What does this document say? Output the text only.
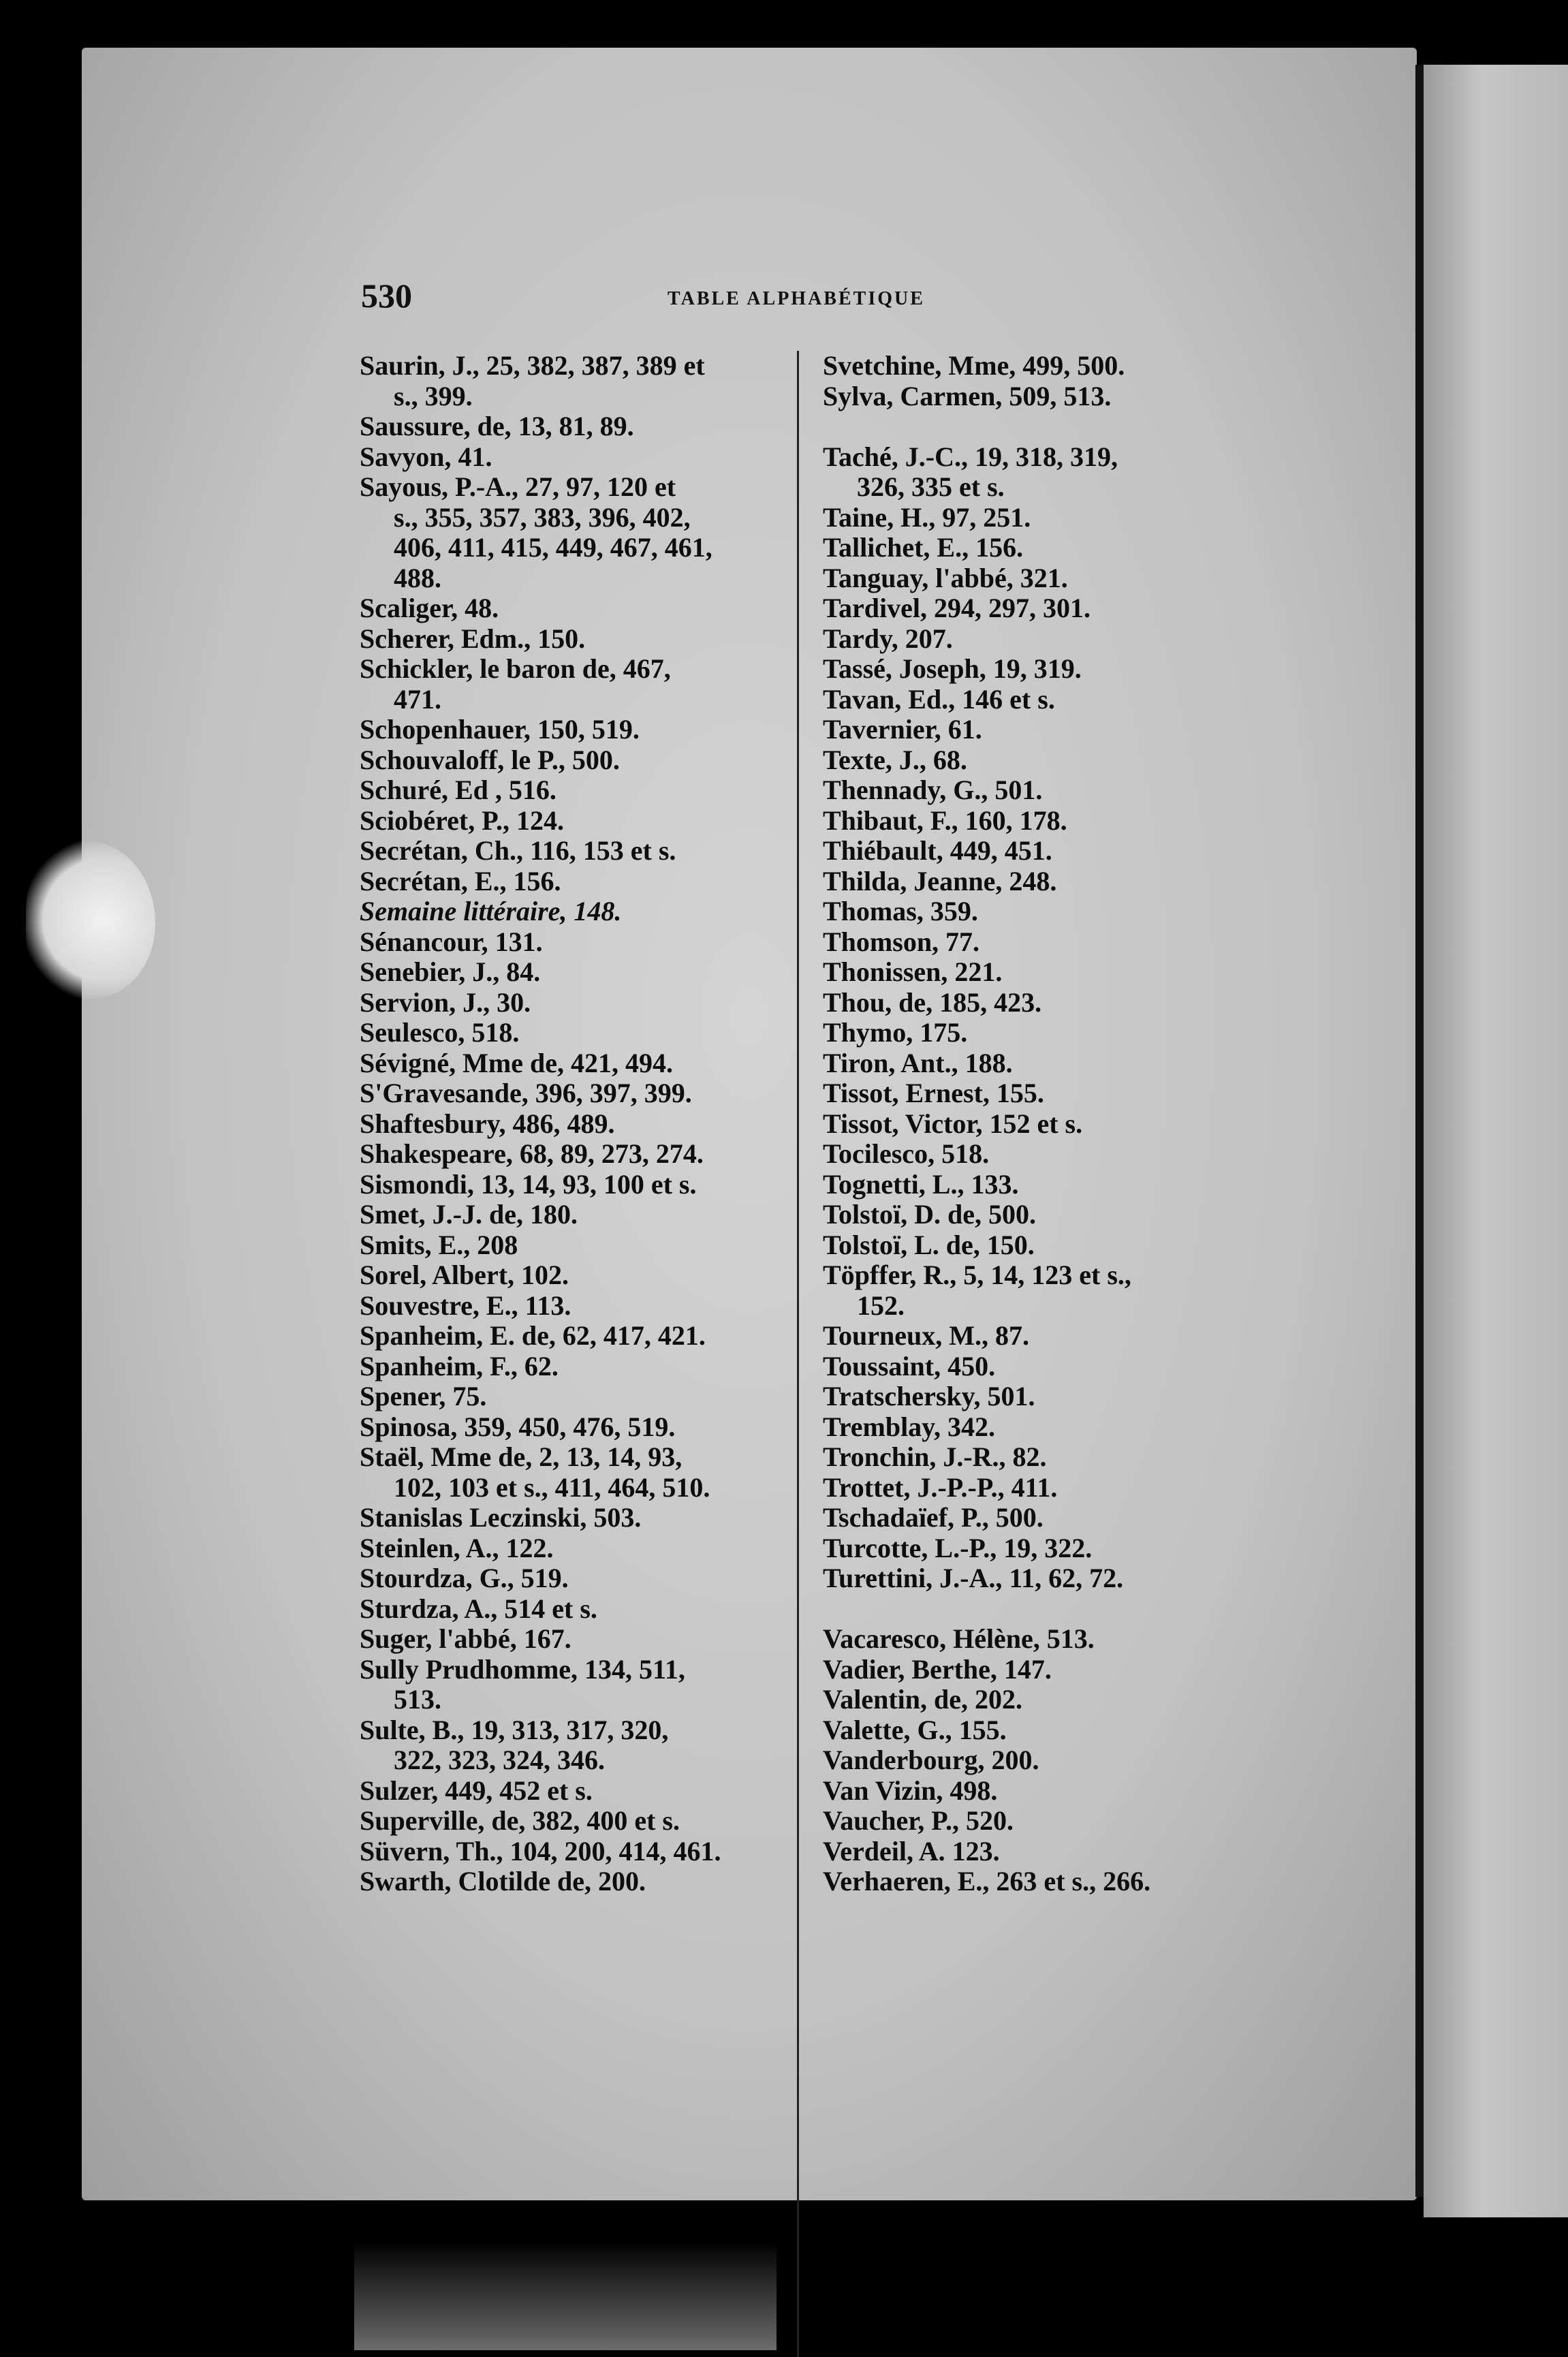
530	TABLE ALPHABÉTIQUE
Saurin, J., 25, 382, 387, 389 et
s., 399.
Saussure, de, 13, 81, 89.
Savyon, 41.
Sayous, P.-A., 27, 97, 120 et
s., 355, 357, 383, 396, 402,
406, 411, 415, 449, 467, 461,
488.
Scaliger, 48.
Scherer, Edm., 150.
Schickler, le baron de, 467,
471.
Schopenhauer, 150, 519.
Schouvaloff, le P., 500.
Schuré, Ed , 516.
Sciobéret, P., 124.
Secrétan, Ch., 116, 153 et s.
Secrétan, E., 156.
Semaine littéraire, 148.
Sénancour, 131.
Senebier, J., 84.
Servion, J., 30.
Seulesco, 518.
Sévigné, Mme de, 421, 494.
S'Gravesande, 396, 397, 399.
Shaftesbury, 486, 489.
Shakespeare, 68, 89, 273, 274.
Sismondi, 13, 14, 93, 100 et s.
Smet, J.-J. de, 180.
Smits, E., 208
Sorel, Albert, 102.
Souvestre, E., 113.
Spanheim, E. de, 62, 417, 421.
Spanheim, F., 62.
Spener, 75.
Spinosa, 359, 450, 476, 519.
Staël, Mme de, 2, 13, 14, 93,
102, 103 et s., 411, 464, 510.
Stanislas Leczinski, 503.
Steinlen, A., 122.
Stourdza, G., 519.
Sturdza, A., 514 et s.
Suger, l'abbé, 167.
Sully Prudhomme, 134, 511,
513.
Sulte, B., 19, 313, 317, 320,
322, 323, 324, 346.
Sulzer, 449, 452 et s.
Superville, de, 382, 400 et s.
Süvern, Th., 104, 200, 414, 461.
Swarth, Clotilde de, 200.
Svetchine, Mme, 499, 500.
Sylva, Carmen, 509, 513.
Taché, J.-C., 19, 318, 319,
326, 335 et s.
Taine, H., 97, 251.
Tallichet, E., 156.
Tanguay, l'abbé, 321.
Tardivel, 294, 297, 301.
Tardy, 207.
Tassé, Joseph, 19, 319.
Tavan, Ed., 146 et s.
Tavernier, 61.
Texte, J., 68.
Thennady, G., 501.
Thibaut, F., 160, 178.
Thiébault, 449, 451.
Thilda, Jeanne, 248.
Thomas, 359.
Thomson, 77.
Thonissen, 221.
Thou, de, 185, 423.
Thymo, 175.
Tiron, Ant., 188.
Tissot, Ernest, 155.
Tissot, Victor, 152 et s.
Tocilesco, 518.
Tognetti, L., 133.
Tolstoï, D. de, 500.
Tolstoï, L. de, 150.
Töpffer, R., 5, 14, 123 et s.,
152.
Tourneux, M., 87.
Toussaint, 450.
Tratschersky, 501.
Tremblay, 342.
Tronchin, J.-R., 82.
Trottet, J.-P.-P., 411.
Tschadaïef, P., 500.
Turcotte, L.-P., 19, 322.
Turettini, J.-A., 11, 62, 72.
Vacaresco, Hélène, 513.
Vadier, Berthe, 147.
Valentin, de, 202.
Valette, G., 155.
Vanderbourg, 200.
Van Vizin, 498.
Vaucher, P., 520.
Verdeil, A. 123.
Verhaeren, E., 263 et s., 266.
